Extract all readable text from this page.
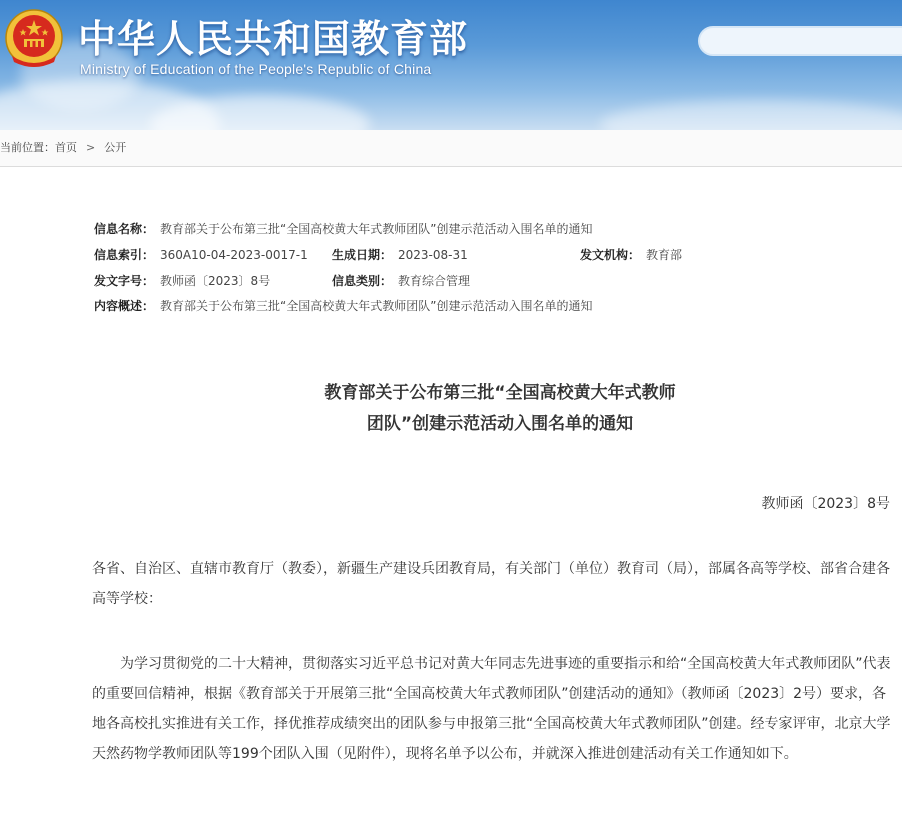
中华人民共和国教育部

Ministry of Education of the People's Republic of China

当前位置：首页 > 公开
信息名称： 教育部关于公布第三批“全国高校黄大年式教师团队”创建示范活动入围名单的通知
信息索引： 360A10-04-2023-0017-1 生成日期： 2023-08-31	发文机构： 教育部
发文字号： 教师函〔2023〕8号	信息类别： 教育综合管理
内容概述： 教育部关于公布第三批“全国高校黄大年式教师团队”创建示范活动入围名单的通知
教育部关于公布第三批“全国高校黄大年式教师
团队”创建示范活动入围名单的通知
教师函〔2023〕8号

各省、自治区、直辖市教育厅（教委），新疆生产建设兵团教育局，有关部门（单位）教育司（局），部属各高等学校、部省合建各高等学校：

为学习贯彻党的二十大精神，贯彻落实习近平总书记对黄大年同志先进事迹的重要指示和给“全国高校黄大年式教师团队”代表的重要回信精神，根据《教育部关于开展第三批“全国高校黄大年式教师团队”创建活动的通知》（教师函〔2023〕2号）要求，各地各高校扎实推进有关工作，择优推荐成绩突出的团队参与申报第三批“全国高校黄大年式教师团队”创建。经专家评审，北京大学天然药物学教师团队等199个团队入围（见附件），现将名单予以公布，并就深入推进创建活动有关工作通知如下。
